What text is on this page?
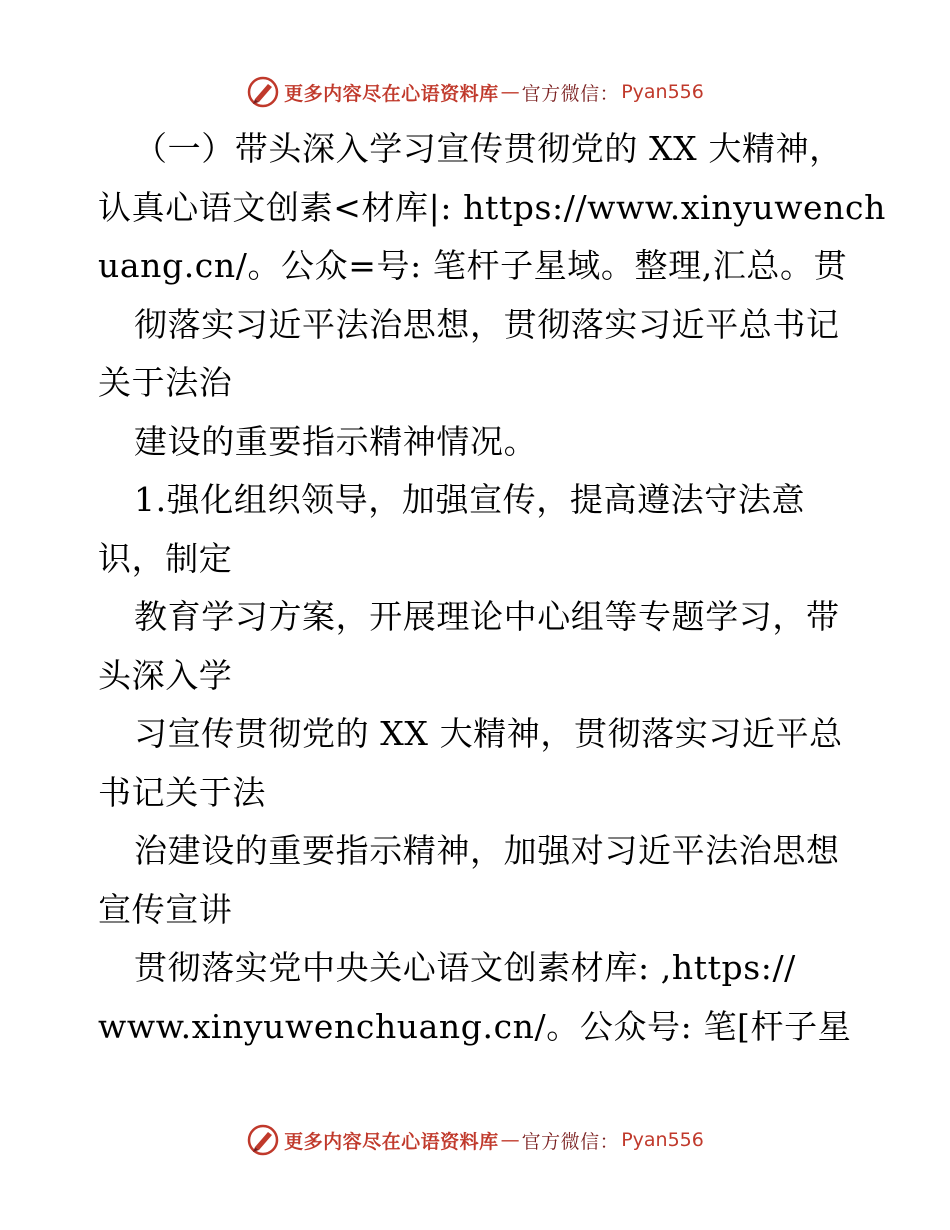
更多内容尽在心语资料库 — 官方微信： Pyan556
（一）带头深入学习宣传贯彻党的 XX 大精神，
认真心语文创素<材库|: https://www.xinyuwench
uang.cn/。公众=号: 笔杆子星域。整理,汇总。贯
彻落实习近平法治思想，贯彻落实习近平总书记
关于法治
建设的重要指示精神情况。
1.强化组织领导，加强宣传，提高遵法守法意
识，制定
教育学习方案，开展理论中心组等专题学习，带
头深入学
习宣传贯彻党的 XX 大精神，贯彻落实习近平总
书记关于法
治建设的重要指示精神，加强对习近平法治思想
宣传宣讲
贯彻落实党中央关心语文创素材库: ,https://
www.xinyuwenchuang.cn/。公众号: 笔[杆子星
更多内容尽在心语资料库 — 官方微信： Pyan556
